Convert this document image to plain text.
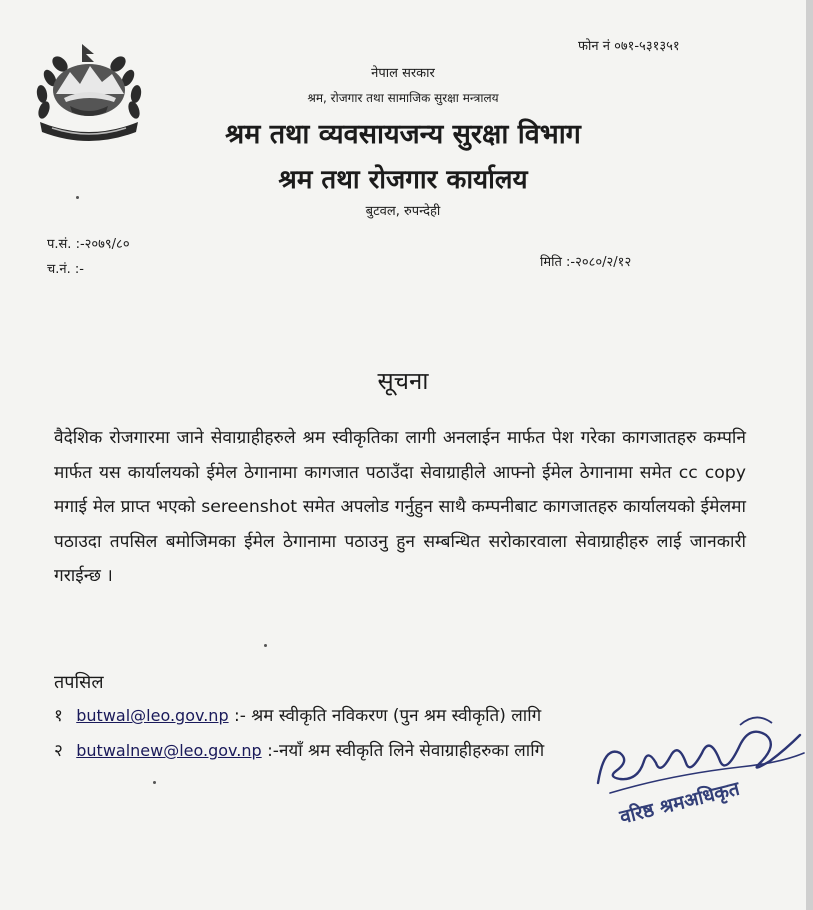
फोन नं ०७१-५३१३५१
नेपाल सरकार
श्रम, रोजगार तथा सामाजिक सुरक्षा मन्त्रालय
श्रम तथा व्यवसायजन्य सुरक्षा विभाग
श्रम तथा रोजगार कार्यालय
बुटवल, रुपन्देही
प.सं. :-२०७९/८०
च.नं. :-	मिति :-२०८०/२/१२
सूचना
वैदेशिक रोजगारमा जाने सेवाग्राहीहरुले श्रम स्वीकृतिका लागी अनलाईन मार्फत पेश गरेका कागजातहरु कम्पनि मार्फत यस कार्यालयको ईमेल ठेगानामा कागजात पठाउँदा सेवाग्राहीले आफ्नो ईमेल ठेगानामा समेत cc copy मगाई मेल प्राप्त भएको sereenshot समेत अपलोड गर्नुहुन साथै कम्पनीबाट कागजातहरु कार्यालयको ईमेलमा पठाउदा तपसिल बमोजिमका ईमेल ठेगानामा पठाउनु हुन सम्बन्धित सरोकारवाला सेवाग्राहीहरु लाई जानकारी गराईन्छ ।
तपसिल
१ butwal@leo.gov.np :- श्रम स्वीकृति नविकरण (पुन श्रम स्वीकृति) लागि
२ butwalnew@leo.gov.np :-नयाँ श्रम स्वीकृति लिने सेवाग्राहीहरुका लागि
वरिष्ठ श्रमअधिकृत
